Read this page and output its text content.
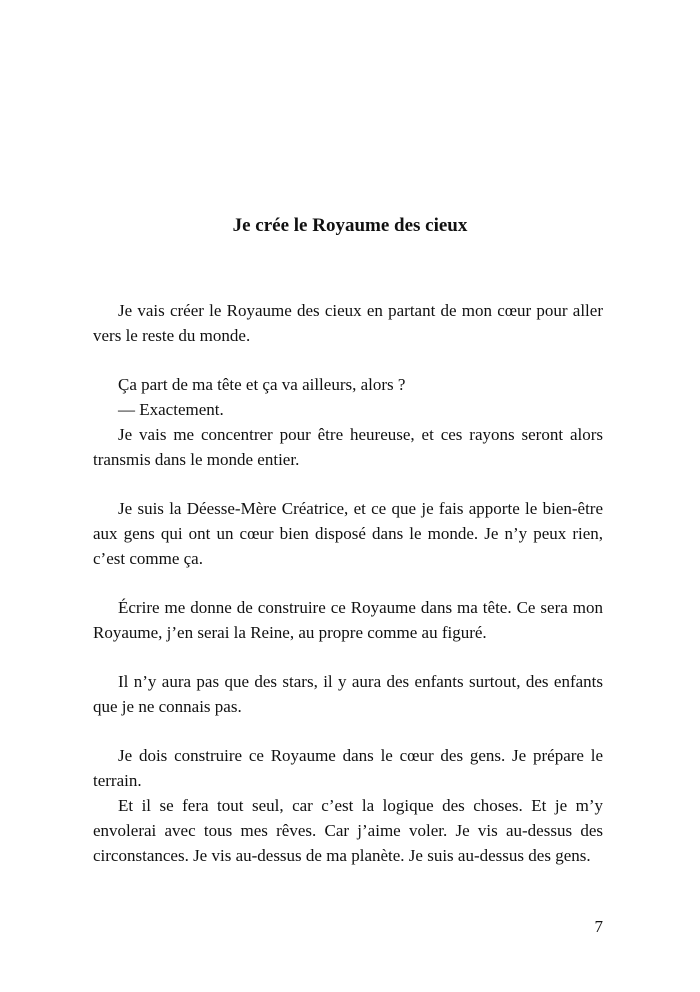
Je crée le Royaume des cieux

Je vais créer le Royaume des cieux en partant de mon cœur pour aller vers le reste du monde.

Ça part de ma tête et ça va ailleurs, alors ?

— Exactement.

Je vais me concentrer pour être heureuse, et ces rayons seront alors transmis dans le monde entier.

Je suis la Déesse-Mère Créatrice, et ce que je fais apporte le bien-être aux gens qui ont un cœur bien disposé dans le monde. Je n’y peux rien, c’est comme ça.

Écrire me donne de construire ce Royaume dans ma tête. Ce sera mon Royaume, j’en serai la Reine, au propre comme au figuré.

Il n’y aura pas que des stars, il y aura des enfants surtout, des enfants que je ne connais pas.

Je dois construire ce Royaume dans le cœur des gens. Je prépare le terrain.

Et il se fera tout seul, car c’est la logique des choses. Et je m’y envolerai avec tous mes rêves. Car j’aime voler. Je vis au-dessus des circonstances. Je vis au-dessus de ma planète. Je suis au-dessus des gens.

7
